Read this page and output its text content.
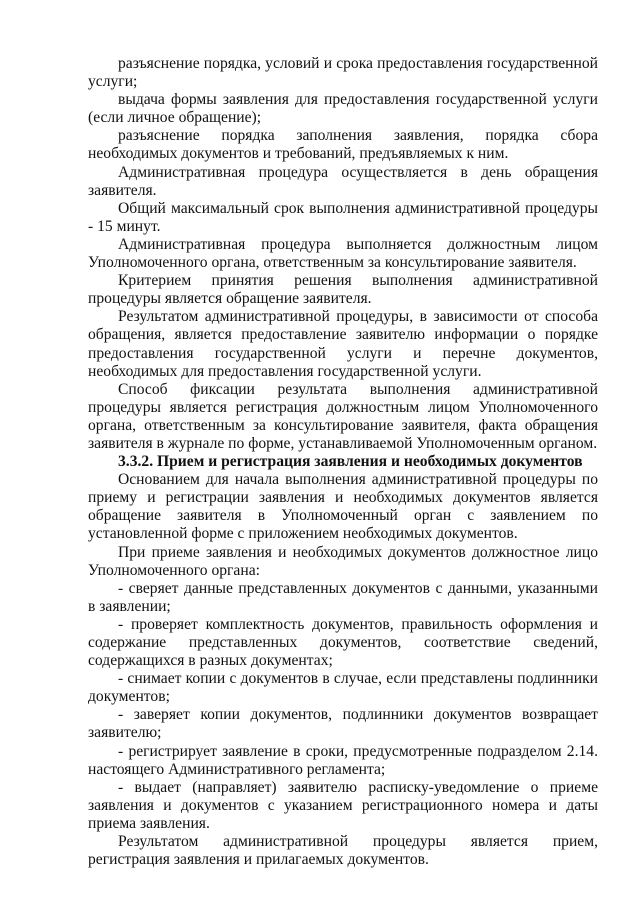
разъяснение порядка, условий и срока предоставления государственной услуги;

выдача формы заявления для предоставления государственной услуги (если личное обращение);

разъяснение порядка заполнения заявления, порядка сбора необходимых документов и требований, предъявляемых к ним.

Административная процедура осуществляется в день обращения заявителя.

Общий максимальный срок выполнения административной процедуры - 15 минут.

Административная процедура выполняется должностным лицом Уполномоченного органа, ответственным за консультирование заявителя.

Критерием принятия решения выполнения административной процедуры является обращение заявителя.

Результатом административной процедуры, в зависимости от способа обращения, является предоставление заявителю информации о порядке предоставления государственной услуги и перечне документов, необходимых для предоставления государственной услуги.

Способ фиксации результата выполнения административной процедуры является регистрация должностным лицом Уполномоченного органа, ответственным за консультирование заявителя, факта обращения заявителя в журнале по форме, устанавливаемой Уполномоченным органом.

3.3.2. Прием и регистрация заявления и необходимых документов

Основанием для начала выполнения административной процедуры по приему и регистрации заявления и необходимых документов является обращение заявителя в Уполномоченный орган с заявлением по установленной форме с приложением необходимых документов.

При приеме заявления и необходимых документов должностное лицо Уполномоченного органа:

- сверяет данные представленных документов с данными, указанными в заявлении;

- проверяет комплектность документов, правильность оформления и содержание представленных документов, соответствие сведений, содержащихся в разных документах;

- снимает копии с документов в случае, если представлены подлинники документов;

- заверяет копии документов, подлинники документов возвращает заявителю;

- регистрирует заявление в сроки, предусмотренные подразделом 2.14. настоящего Административного регламента;

- выдает (направляет) заявителю расписку-уведомление о приеме заявления и документов с указанием регистрационного номера и даты приема заявления.

Результатом административной процедуры является прием, регистрация заявления и прилагаемых документов.
